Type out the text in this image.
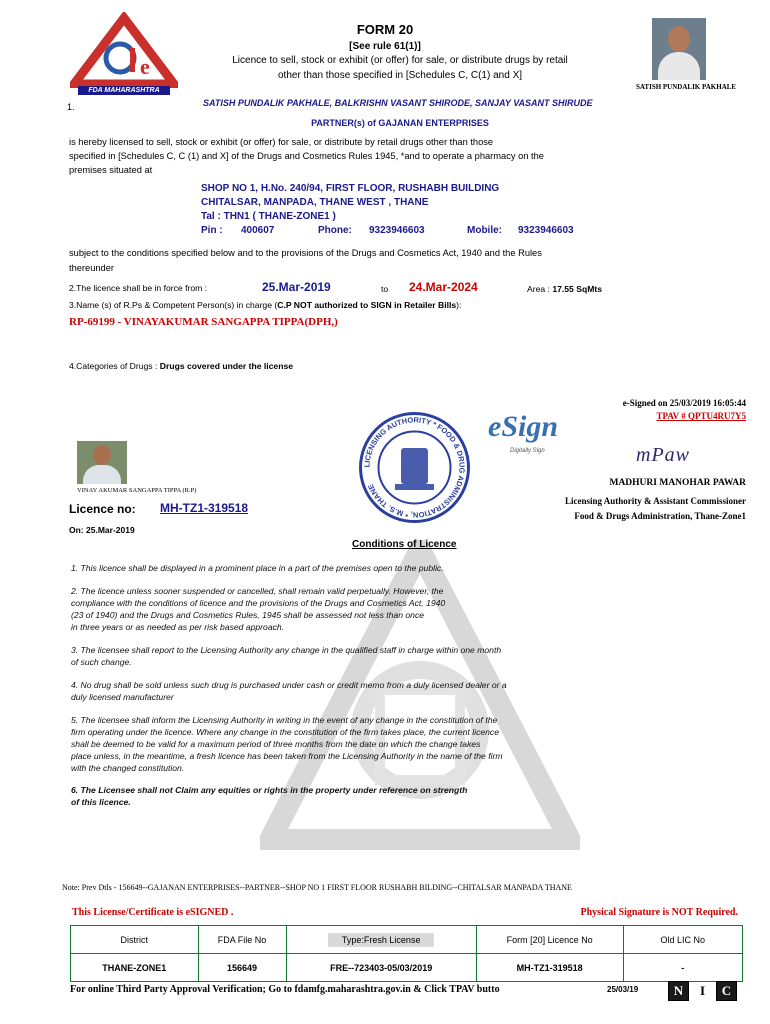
e
FDA MAHARASHTRA
FORM 20
[See rule 61(1)]
Licence to sell, stock or exhibit (or offer) for sale, or distribute drugs by retail
other than those specified in [Schedules C, C(1) and X]
SATISH PUNDALIK PAKHALE
1.	SATISH PUNDALIK PAKHALE, BALKRISHN VASANT SHIRODE, SANJAY VASANT SHIRUDE
PARTNER(s) of GAJANAN ENTERPRISES
is hereby licensed to sell, stock or exhibit (or offer) for sale, or distribute by retail drugs other than those
specified in [Schedules C, C (1) and X] of the Drugs and Cosmetics Rules 1945, *and to operate a pharmacy on the
premises situated at
SHOP NO 1, H.No. 240/94, FIRST FLOOR, RUSHABH BUILDING
CHITALSAR, MANPADA, THANE WEST , THANE
Tal : THN1 ( THANE-ZONE1 )
Pin : 400607	Phone: 9323946603	Mobile: 9323946603
subject to the conditions specified below and to the provisions of the Drugs and Cosmetics Act, 1940 and the Rules
thereunder
2.The licence shall be in force from :	25.Mar-2019	to 24.Mar-2024	Area : 17.55 SqMts
3.Name (s) of R.Ps & Competent Person(s) in charge (C.P NOT authorized to SIGN in Retailer Bills):
RP-69199 - VINAYAKUMAR SANGAPPA TIPPA(DPH,)
4.Categories of Drugs : Drugs covered under the license
e-Signed on 25/03/2019 16:05:44
TPAV # QPTU4RU7Y5
VINAY AKUMAR SANGAPPA TIPPA (R.P)
LICENSING AUTHORITY * FOOD & DRUG ADMINISTRATION, * M.S. THANE
eSign
Digitally Sign	mPaw
MADHURI MANOHAR PAWAR
Licensing Authority & Assistant Commissioner
Food & Drugs Administration, Thane-Zone1
Licence no: MH-TZ1-319518
On: 25.Mar-2019
Conditions of Licence
1. This licence shall be displayed in a prominent place in a part of the premises open to the public.
2. The licence unless sooner suspended or cancelled, shall remain valid perpetually. However, the
compliance with the conditions of licence and the provisions of the Drugs and Cosmetics Act, 1940
(23 of 1940) and the Drugs and Cosmetics Rules, 1945 shall be assessed not less than once
in three years or as needed as per risk based approach.
3. The licensee shall report to the Licensing Authority any change in the qualified staff in charge within one month
of such change.
4. No drug shall be sold unless such drug is purchased under cash or credit memo from a duly licensed dealer or a
duly licensed manufacturer
5. The licensee shall inform the Licensing Authority in writing in the event of any change in the constitution of the
firm operating under the licence. Where any change in the constitution of the firm takes place, the current licence
shall be deemed to be valid for a maximum period of three months from the date on which the change takes
place unless, in the meantime, a fresh licence has been taken from the Licensing Authority in the name of the firm
with the changed constitution.
6. The Licensee shall not Claim any equities or rights in the property under reference on strength
of this licence.
Note: Prev Dtls - 156649--GAJANAN ENTERPRISES--PARTNER--SHOP NO 1 FIRST FLOOR RUSHABH BILDING--CHITALSAR MANPADA THANE
This License/Certificate is eSIGNED .	Physical Signature is NOT Required.
District	FDA File No	Type:Fresh License	Form [20] Licence No	Old LIC No
THANE-ZONE1	156649	FRE--723403-05/03/2019	MH-TZ1-319518	-
For online Third Party Approval Verification; Go to fdamfg.maharashtra.gov.in & Click TPAV butto	25/03/19	N	I	C
